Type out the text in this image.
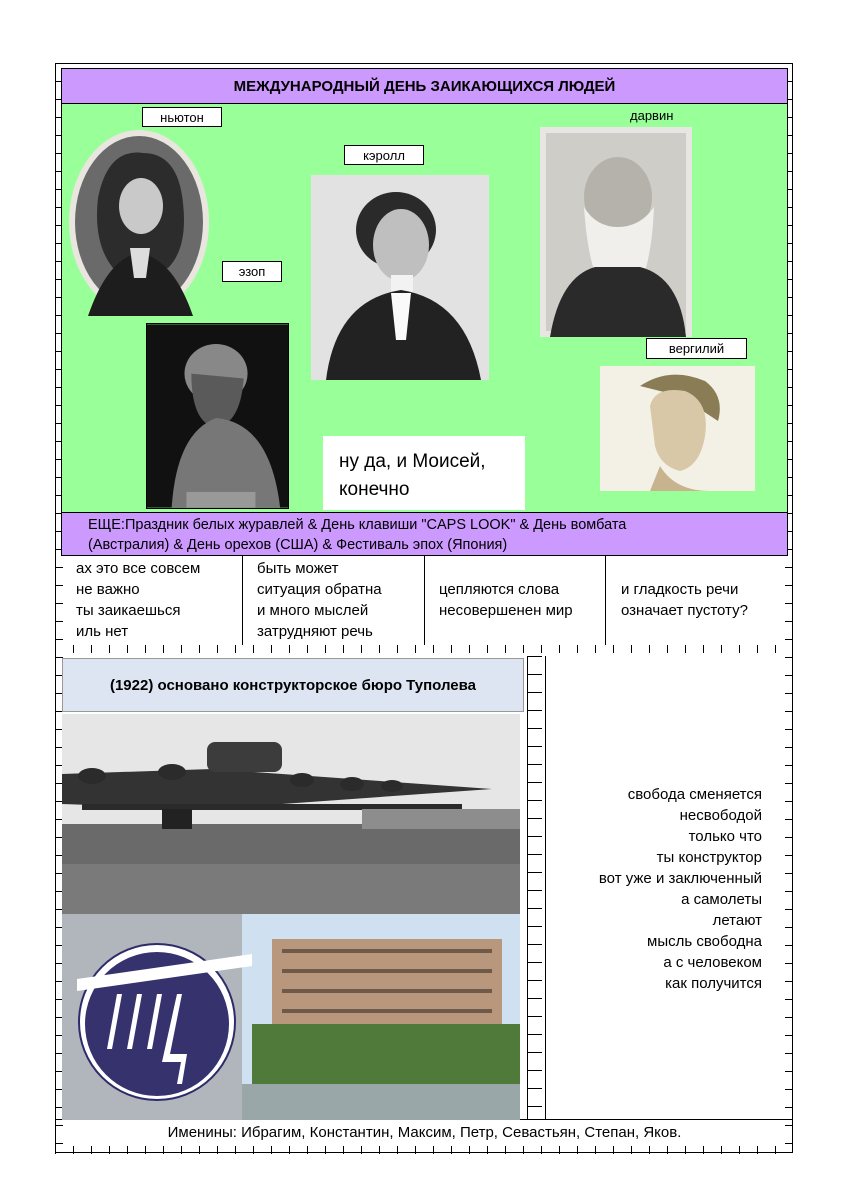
МЕЖДУНАРОДНЫЙ ДЕНЬ ЗАИКАЮЩИХСЯ ЛЮДЕЙ
ньютон
эзоп
кэролл
дарвин
вергилий
ну да, и Моисей,
конечно
ЕЩЕ:Праздник белых журавлей & День клавиши "CAPS LOOK" & День вомбата
(Австралия) & День орехов (США) & Фестиваль эпох (Япония)
ах это все совсем
не важно
ты заикаешься
иль нет
быть может
ситуация обратна
и много мыслей
затрудняют речь
цепляются слова
несовершенен мир
и гладкость речи
означает пустоту?
(1922) основано конструкторское бюро Туполева
свобода сменяется
несвободой
только что
ты конструктор
вот уже и заключенный
а самолеты
летают
мысль свободна
а с человеком
как получится
Именины: Ибрагим, Константин, Максим, Петр, Севастьян, Степан, Яков.
